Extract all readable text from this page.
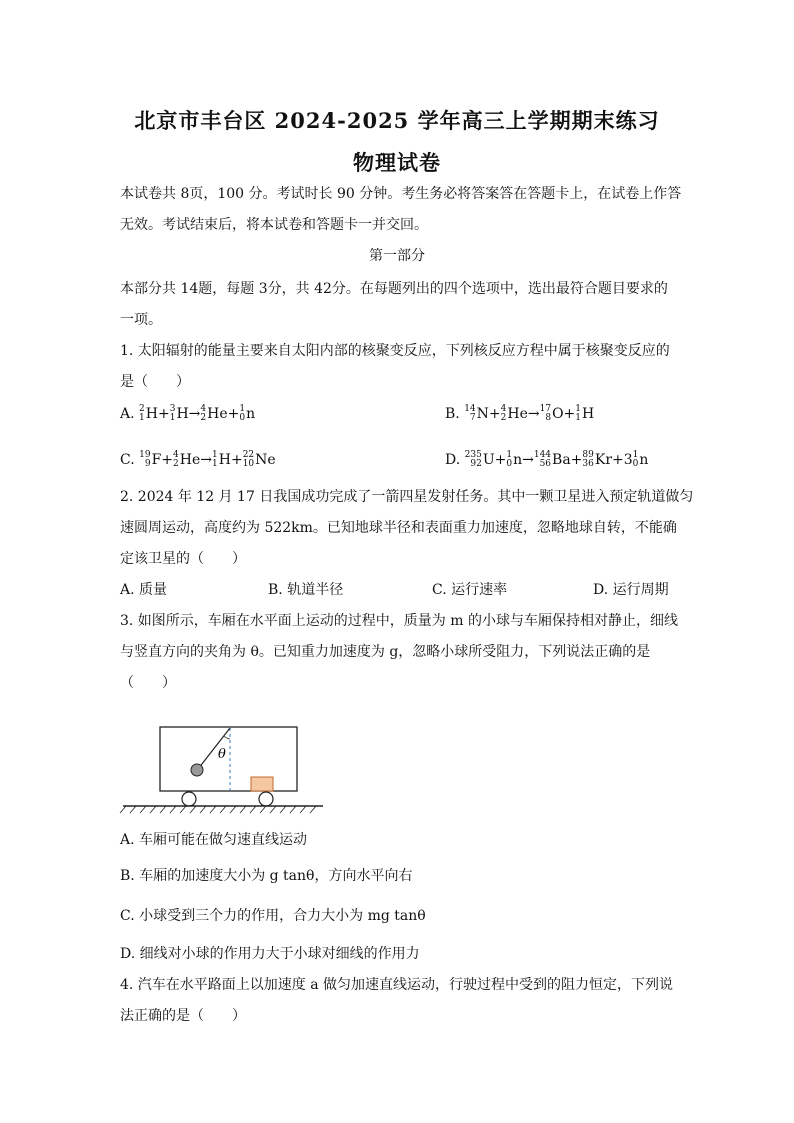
北京市丰台区 2024-2025 学年高三上学期期末练习
物理试卷
本试卷共 8页，100 分。考试时长 90 分钟。考生务必将答案答在答题卡上，在试卷上作答
无效。考试结束后，将本试卷和答题卡一并交回。
第一部分
本部分共 14题，每题 3分，共 42分。在每题列出的四个选项中，选出最符合题目要求的
一项。
1. 太阳辐射的能量主要来自太阳内部的核聚变反应，下列核反应方程中属于核聚变反应的
是（　　）
A. 2
1 H+ 3
1 H→ 4
2 He+ 1
0 n	B. 14
7 N+ 4
2 He→ 17
8 O+ 1
1 H
C. 19
9 F+ 4
2 He→ 1
1 H+ 22
10 Ne	D. 235
92 U+ 1
0 n→ 144
56 Ba+ 89
36 Kr+3 1
0 n
2. 2024 年 12 月 17 日我国成功完成了一箭四星发射任务。其中一颗卫星进入预定轨道做匀
速圆周运动，高度约为 522km。已知地球半径和表面重力加速度，忽略地球自转，不能确
定该卫星的（　　）
A. 质量	B. 轨道半径	C. 运行速率	D. 运行周期
3. 如图所示，车厢在水平面上运动的过程中，质量为 m 的小球与车厢保持相对静止，细线
与竖直方向的夹角为 θ。已知重力加速度为 g，忽略小球所受阻力，下列说法正确的是
（　　）
θ
A. 车厢可能在做匀速直线运动
B. 车厢的加速度大小为 g tanθ，方向水平向右
C. 小球受到三个力的作用，合力大小为 mg tanθ
D. 细线对小球的作用力大于小球对细线的作用力
4. 汽车在水平路面上以加速度 a 做匀加速直线运动，行驶过程中受到的阻力恒定，下列说
法正确的是（　　）
